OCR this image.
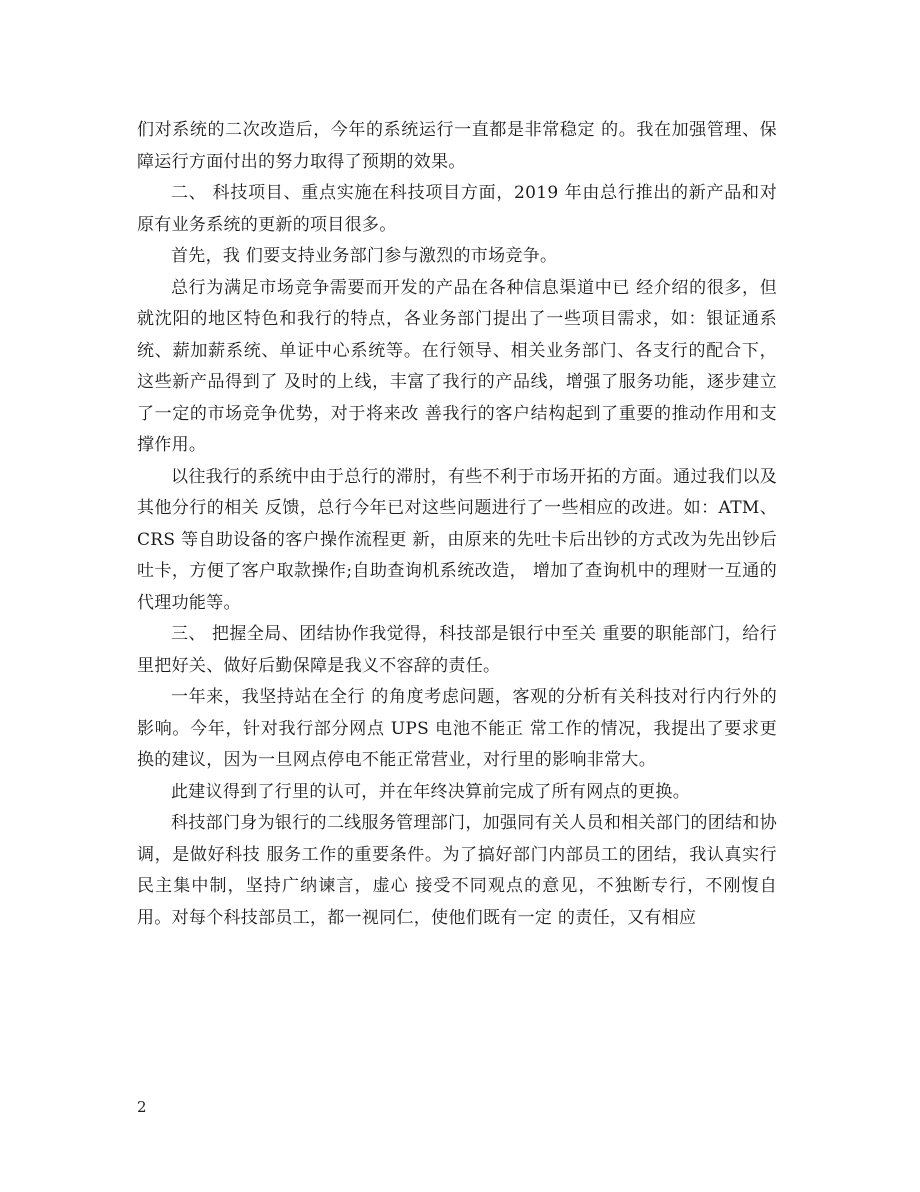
们对系统的二次改造后，今年的系统运行一直都是非常稳定 的。我在加强管理、保障运行方面付出的努力取得了预期的效果。

二、 科技项目、重点实施在科技项目方面，2019 年由总行推出的新产品和对原有业务系统的更新的项目很多。

首先，我 们要支持业务部门参与激烈的市场竞争。

总行为满足市场竞争需要而开发的产品在各种信息渠道中已 经介绍的很多，但就沈阳的地区特色和我行的特点，各业务部门提出了一些项目需求，如：银证通系 统、薪加薪系统、单证中心系统等。在行领导、相关业务部门、各支行的配合下，这些新产品得到了 及时的上线，丰富了我行的产品线，增强了服务功能，逐步建立了一定的市场竞争优势，对于将来改 善我行的客户结构起到了重要的推动作用和支撑作用。

以往我行的系统中由于总行的滞肘，有些不利于市场开拓的方面。通过我们以及其他分行的相关 反馈，总行今年已对这些问题进行了一些相应的改进。如：ATM、CRS 等自助设备的客户操作流程更 新，由原来的先吐卡后出钞的方式改为先出钞后吐卡，方便了客户取款操作;自助查询机系统改造， 增加了查询机中的理财一互通的代理功能等。

三、 把握全局、团结协作我觉得，科技部是银行中至关 重要的职能部门，给行里把好关、做好后勤保障是我义不容辞的责任。

一年来，我坚持站在全行 的角度考虑问题，客观的分析有关科技对行内行外的影响。今年，针对我行部分网点 UPS 电池不能正 常工作的情况，我提出了要求更换的建议，因为一旦网点停电不能正常营业，对行里的影响非常大。

此建议得到了行里的认可，并在年终决算前完成了所有网点的更换。

科技部门身为银行的二线服务管理部门，加强同有关人员和相关部门的团结和协调，是做好科技 服务工作的重要条件。为了搞好部门内部员工的团结，我认真实行民主集中制，坚持广纳谏言，虚心 接受不同观点的意见，不独断专行，不刚愎自用。对每个科技部员工，都一视同仁，使他们既有一定 的责任，又有相应

2
